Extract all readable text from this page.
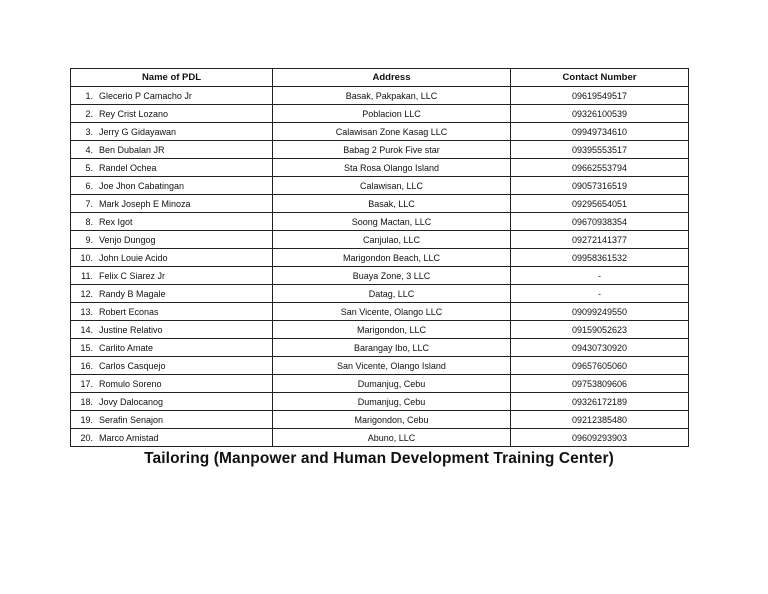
Name of PDL	Address	Contact Number
1. Glecerio P Camacho Jr	Basak, Pakpakan, LLC	09619549517
2. Rey Crist Lozano	Poblacion LLC	09326100539
3. Jerry G Gidayawan	Calawisan Zone Kasag LLC	09949734610
4. Ben Dubalan JR	Babag 2 Purok Five star	09395553517
5. Randel Ochea	Sta Rosa Olango Island	09662553794
6. Joe Jhon Cabatingan	Calawisan, LLC	09057316519
7. Mark Joseph E Minoza	Basak, LLC	09295654051
8. Rex Igot	Soong Mactan, LLC	09670938354
9. Venjo Dungog	Canjulao, LLC	09272141377
10. John Louie Acido	Marigondon Beach, LLC	09958361532
11. Felix C Siarez Jr	Buaya Zone, 3 LLC	-
12. Randy B Magale	Datag, LLC	-
13. Robert Econas	San Vicente, Olango LLC	09099249550
14. Justine Relativo	Marigondon, LLC	09159052623
15. Carlito Amate	Barangay Ibo, LLC	09430730920
16. Carlos Casquejo	San Vicente, Olango Island	09657605060
17. Romulo Soreno	Dumanjug, Cebu	09753809606
18. Jovy Dalocanog	Dumanjug, Cebu	09326172189
19. Serafin Senajon	Marigondon, Cebu	09212385480
20. Marco Amistad	Abuno, LLC	09609293903
Tailoring (Manpower and Human Development Training Center)
